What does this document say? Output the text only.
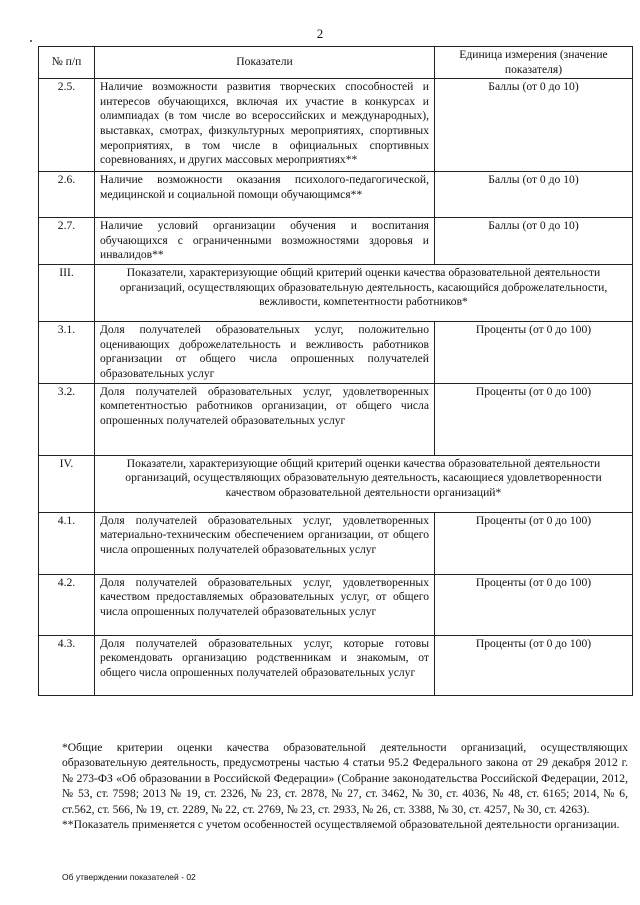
2
№ п/п	Показатели	Единица измерения (значение показателя)
2.5.	Наличие возможности развития творческих способностей и интересов обучающихся, включая их участие в конкурсах и олимпиадах (в том числе во всероссийских и международных), выставках, смотрах, физкультурных мероприятиях, спортивных мероприятиях, в том числе в официальных спортивных соревнованиях, и других массовых мероприятиях**	Баллы (от 0 до 10)
2.6.	Наличие возможности оказания психолого-педагогической, медицинской и социальной помощи обучающимся**	Баллы (от 0 до 10)
2.7.	Наличие условий организации обучения и воспитания обучающихся с ограниченными возможностями здоровья и инвалидов**	Баллы (от 0 до 10)
III.	Показатели, характеризующие общий критерий оценки качества образовательной деятельности организаций, осуществляющих образовательную деятельность, касающийся доброжелательности, вежливости, компетентности работников*	
3.1.	Доля получателей образовательных услуг, положительно оценивающих доброжелательность и вежливость работников организации от общего числа опрошенных получателей образовательных услуг	Проценты (от 0 до 100)
3.2.	Доля получателей образовательных услуг, удовлетворенных компетентностью работников организации, от общего числа опрошенных получателей образовательных услуг	Проценты (от 0 до 100)
IV.	Показатели, характеризующие общий критерий оценки качества образовательной деятельности организаций, осуществляющих образовательную деятельность, касающиеся удовлетворенности качеством образовательной деятельности организаций*	
4.1.	Доля получателей образовательных услуг, удовлетворенных материально-техническим обеспечением организации, от общего числа опрошенных получателей образовательных услуг	Проценты (от 0 до 100)
4.2.	Доля получателей образовательных услуг, удовлетворенных качеством предоставляемых образовательных услуг, от общего числа опрошенных получателей образовательных услуг	Проценты (от 0 до 100)
4.3.	Доля получателей образовательных услуг, которые готовы рекомендовать организацию родственникам и знакомым, от общего числа опрошенных получателей образовательных услуг	Проценты (от 0 до 100)

*Общие критерии оценки качества образовательной деятельности организаций, осуществляющих образовательную деятельность, предусмотрены частью 4 статьи 95.2 Федерального закона от 29 декабря 2012 г. № 273-ФЗ «Об образовании в Российской Федерации» (Собрание законодательства Российской Федерации, 2012, № 53, ст. 7598; 2013 № 19, ст. 2326, № 23, ст. 2878, № 27, ст. 3462, № 30, ст. 4036, № 48, ст. 6165; 2014, № 6, ст.562, ст. 566, № 19, ст. 2289, № 22, ст. 2769, № 23, ст. 2933, № 26, ст. 3388, № 30, ст. 4257, № 30, ст. 4263).

**Показатель применяется с учетом особенностей осуществляемой образовательной деятельности организации.

Об утверждении показателей - 02
